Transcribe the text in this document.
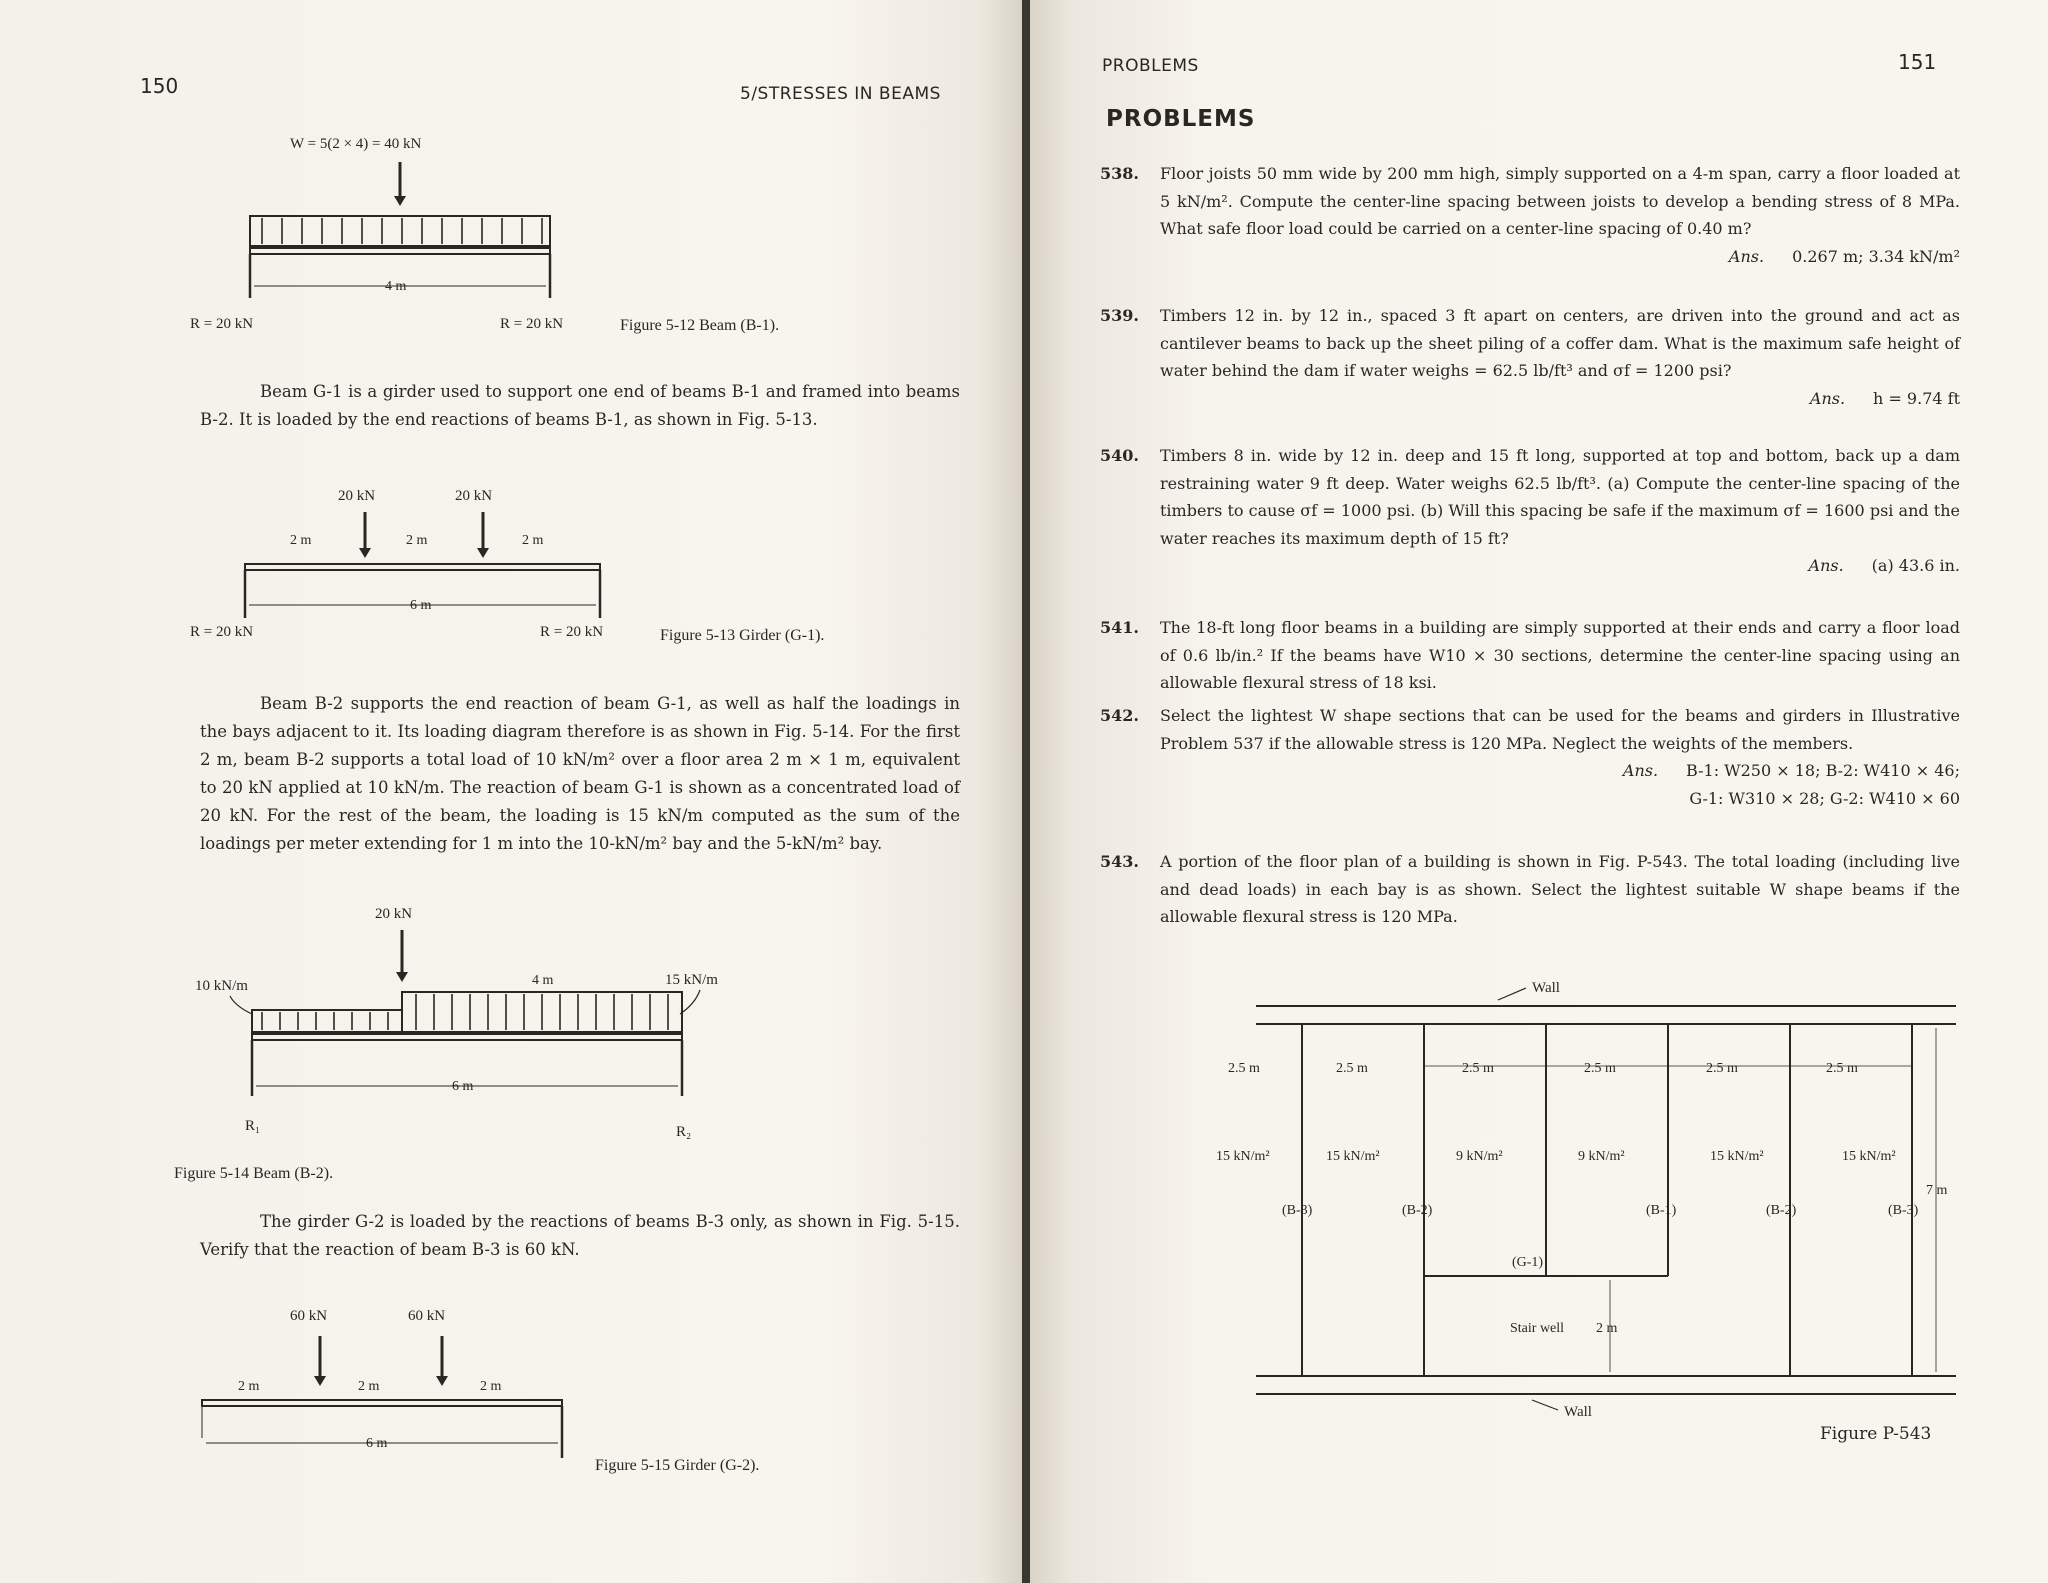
150	5/STRESSES IN BEAMS
W = 5(2 × 4) = 40 kN
4 m
R = 20 kN	R = 20 kN	Figure 5-12 Beam (B-1).
Beam G-1 is a girder used to support one end of beams B-1 and framed into beams B-2. It is loaded by the end reactions of beams B-1, as shown in Fig. 5-13.
20 kN	20 kN
2 m	2 m	2 m
6 m
R = 20 kN	R = 20 kN	Figure 5-13 Girder (G-1).
Beam B-2 supports the end reaction of beam G-1, as well as half the loadings in the bays adjacent to it. Its loading diagram therefore is as shown in Fig. 5-14. For the first 2 m, beam B-2 supports a total load of 10 kN/m² over a floor area 2 m × 1 m, equivalent to 20 kN applied at 10 kN/m. The reaction of beam G-1 is shown as a concentrated load of 20 kN. For the rest of the beam, the loading is 15 kN/m computed as the sum of the loadings per meter extending for 1 m into the 10-kN/m² bay and the 5-kN/m² bay.
20 kN
10 kN/m	4 m	15 kN/m
6 m
R₁	R₂
Figure 5-14 Beam (B-2).
The girder G-2 is loaded by the reactions of beams B-3 only, as shown in Fig. 5-15. Verify that the reaction of beam B-3 is 60 kN.
60 kN	60 kN
2 m	2 m	2 m
6 m
Figure 5-15 Girder (G-2).
PROBLEMS	151
PROBLEMS
538. Floor joists 50 mm wide by 200 mm high, simply supported on a 4-m span, carry a floor loaded at 5 kN/m². Compute the center-line spacing between joists to develop a bending stress of 8 MPa. What safe floor load could be carried on a center-line spacing of 0.40 m?
Ans. 0.267 m; 3.34 kN/m²
539. Timbers 12 in. by 12 in., spaced 3 ft apart on centers, are driven into the ground and act as cantilever beams to back up the sheet piling of a coffer dam. What is the maximum safe height of water behind the dam if water weighs = 62.5 lb/ft³ and σf = 1200 psi?
Ans. h = 9.74 ft
540. Timbers 8 in. wide by 12 in. deep and 15 ft long, supported at top and bottom, back up a dam restraining water 9 ft deep. Water weighs 62.5 lb/ft³. (a) Compute the center-line spacing of the timbers to cause σf = 1000 psi. (b) Will this spacing be safe if the maximum σf = 1600 psi and the water reaches its maximum depth of 15 ft?
Ans. (a) 43.6 in.
541. The 18-ft long floor beams in a building are simply supported at their ends and carry a floor load of 0.6 lb/in.² If the beams have W10 × 30 sections, determine the center-line spacing using an allowable flexural stress of 18 ksi.
542. Select the lightest W shape sections that can be used for the beams and girders in Illustrative Problem 537 if the allowable stress is 120 MPa. Neglect the weights of the members.
Ans. B-1: W250 × 18; B-2: W410 × 46;
G-1: W310 × 28; G-2: W410 × 60
543. A portion of the floor plan of a building is shown in Fig. P-543. The total loading (including live and dead loads) in each bay is as shown. Select the lightest suitable W shape beams if the allowable flexural stress is 120 MPa.
Wall
Wall
2.5 m	2.5 m	2.5 m	2.5 m	2.5 m	2.5 m
15 kN/m²	15 kN/m²	9 kN/m²	9 kN/m²	15 kN/m²	15 kN/m²
(B-3)	(B-2)	(B-1)	(B-2)	(B-3)
(G-1)
Stair well 2 m
7 m
Figure P-543
